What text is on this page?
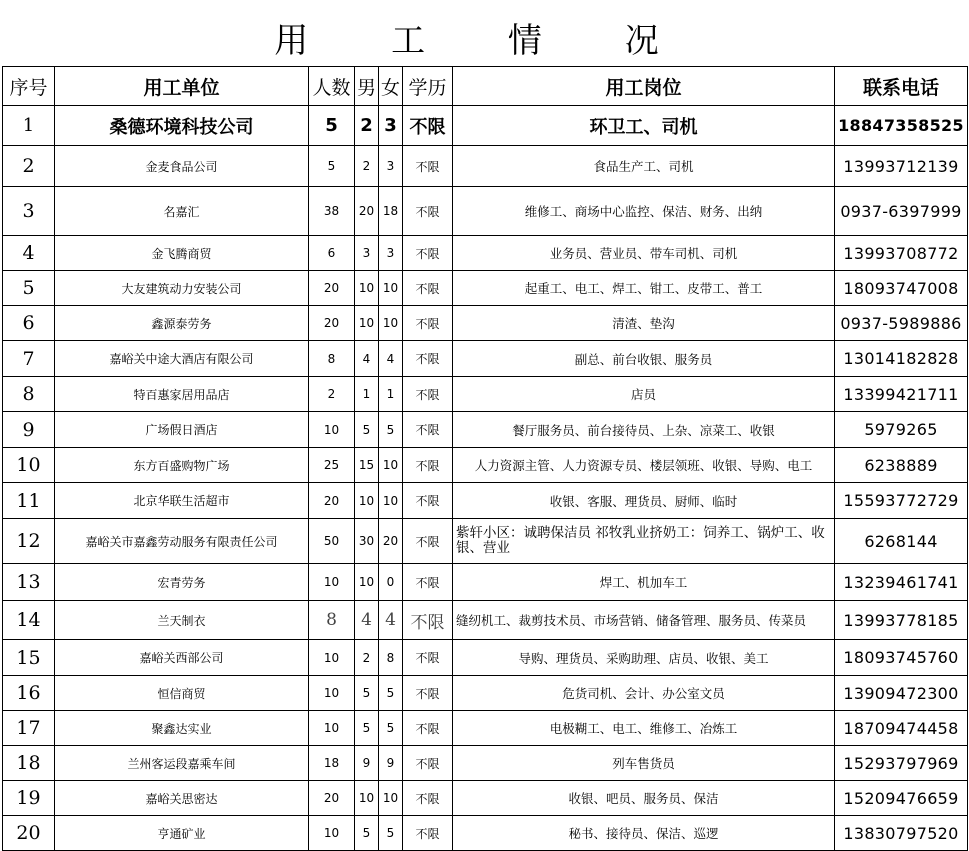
用 工 情 况
序号	用工单位	人数	男	女	学历	用工岗位	联系电话
1	桑德环境科技公司	5	2	3	不限	环卫工、司机	18847358525
2	金麦食品公司	5	2	3	不限	食品生产工、司机	13993712139
3	名嘉汇	38	20	18	不限	维修工、商场中心监控、保洁、财务、出纳	0937-6397999
4	金飞腾商贸	6	3	3	不限	业务员、营业员、带车司机、司机	13993708772
5	大友建筑动力安装公司	20	10	10	不限	起重工、电工、焊工、钳工、皮带工、普工	18093747008
6	鑫源泰劳务	20	10	10	不限	清渣、垫沟	0937-5989886
7	嘉峪关中途大酒店有限公司	8	4	4	不限	副总、前台收银、服务员	13014182828
8	特百惠家居用品店	2	1	1	不限	店员	13399421711
9	广场假日酒店	10	5	5	不限	餐厅服务员、前台接待员、上杂、凉菜工、收银	5979265
10	东方百盛购物广场	25	15	10	不限	人力资源主管、人力资源专员、楼层领班、收银、导购、电工	6238889
11	北京华联生活超市	20	10	10	不限	收银、客服、理货员、厨师、临时	15593772729
12	嘉峪关市嘉鑫劳动服务有限责任公司	50	30	20	不限	紫轩小区：诚聘保洁员 祁牧乳业挤奶工：饲养工、锅炉工、收银、营业	6268144
13	宏青劳务	10	10	0	不限	焊工、机加车工	13239461741
14	兰天制衣	8	4	4	不限	缝纫机工、裁剪技术员、市场营销、储备管理、服务员、传菜员	13993778185
15	嘉峪关西部公司	10	2	8	不限	导购、理货员、采购助理、店员、收银、美工	18093745760
16	恒信商贸	10	5	5	不限	危货司机、会计、办公室文员	13909472300
17	聚鑫达实业	10	5	5	不限	电极糊工、电工、维修工、冶炼工	18709474458
18	兰州客运段嘉乘车间	18	9	9	不限	列车售货员	15293797969
19	嘉峪关思密达	20	10	10	不限	收银、吧员、服务员、保洁	15209476659
20	亨通矿业	10	5	5	不限	秘书、接待员、保洁、巡逻	13830797520
